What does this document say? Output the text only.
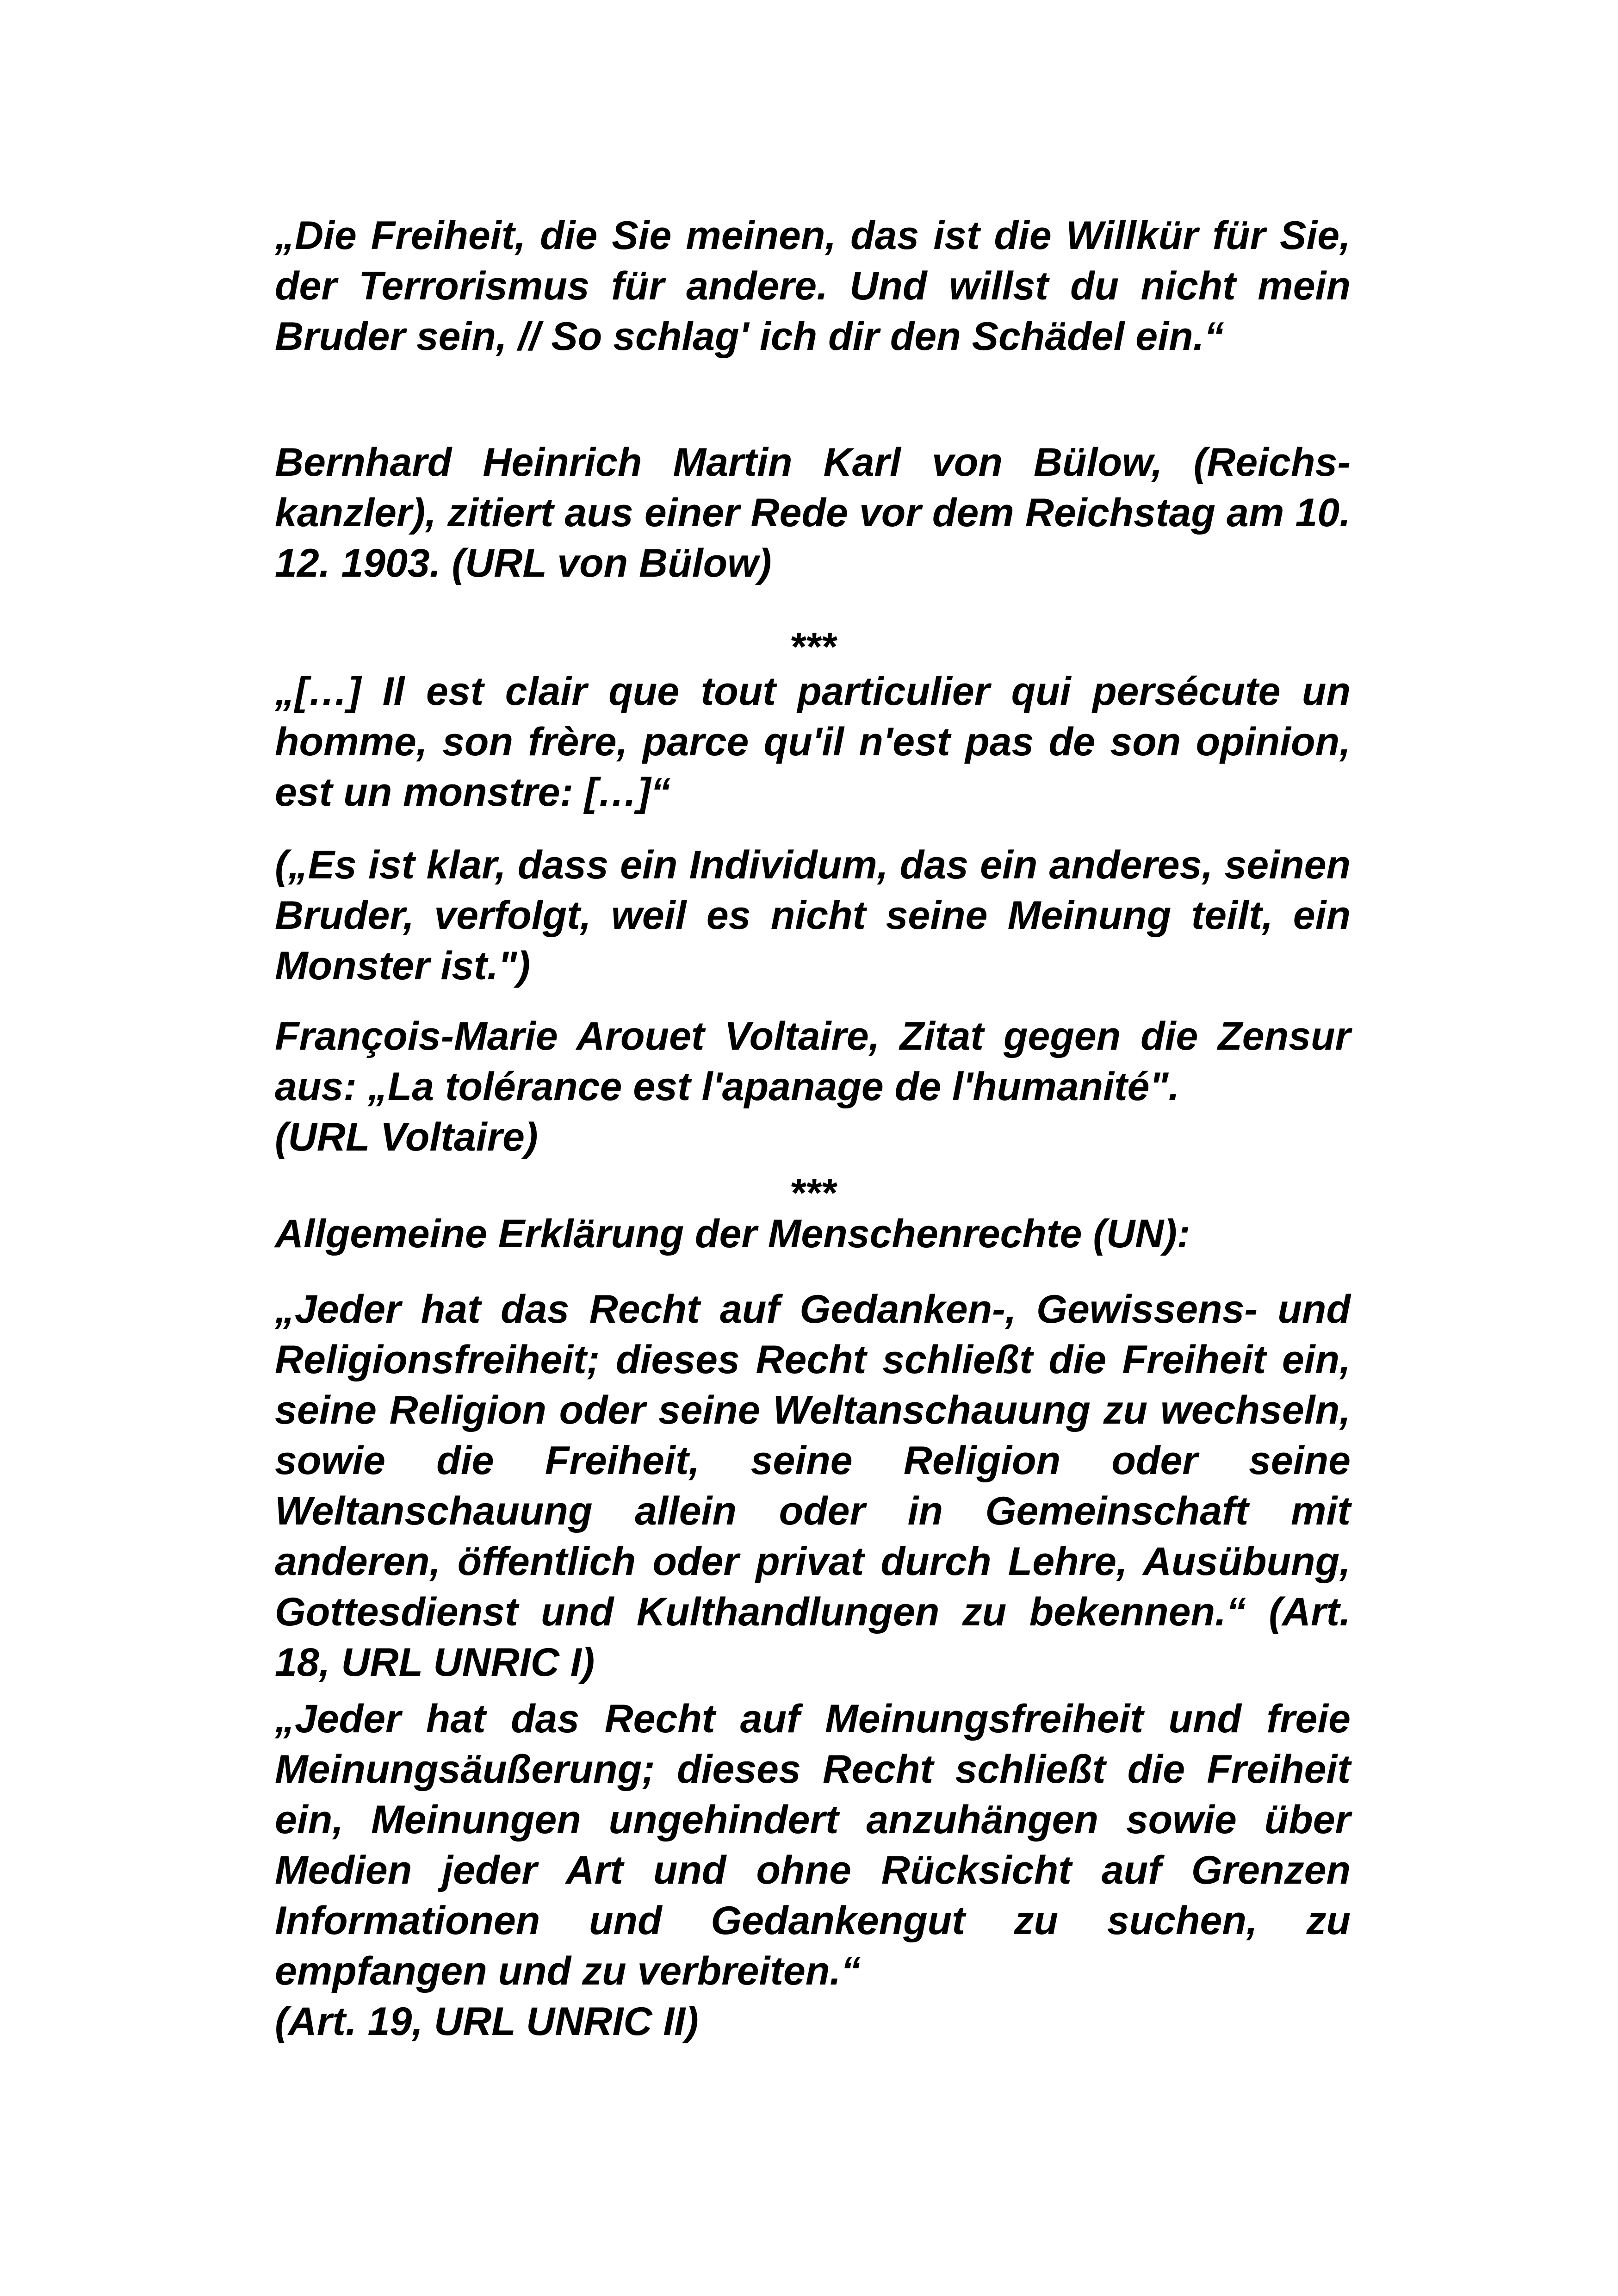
„Die Freiheit, die Sie meinen, das ist die Willkür für Sie, der Terrorismus für andere. Und willst du nicht mein Bruder sein, // So schlag' ich dir den Schädel ein.“

Bernhard Heinrich Martin Karl von Bülow, (Reichskanzler), zitiert aus einer Rede vor dem Reichstag am 10. 12. 1903. (URL von Bülow)

***

„[…] Il est clair que tout particulier qui persécute un homme, son frère, parce qu'il n'est pas de son opinion, est un monstre: […]“

(„Es ist klar, dass ein Individum, das ein anderes, seinen Bruder, verfolgt, weil es nicht seine Meinung teilt, ein Monster ist.")

François-Marie Arouet Voltaire, Zitat gegen die Zensur aus: „La tolérance est l'apanage de l'humanité".

(URL Voltaire)
***

Allgemeine Erklärung der Menschenrechte (UN):

„Jeder hat das Recht auf Gedanken-, Gewissens- und Religionsfreiheit; dieses Recht schließt die Freiheit ein, seine Religion oder seine Weltanschauung zu wechseln, sowie die Freiheit, seine Religion oder seine Weltanschauung allein oder in Gemeinschaft mit anderen, öffentlich oder privat durch Lehre, Ausübung, Gottesdienst und Kulthandlungen zu bekennen.“ (Art. 18, URL UNRIC I)

„Jeder hat das Recht auf Meinungsfreiheit und freie Meinungsäußerung; dieses Recht schließt die Freiheit ein, Meinungen ungehindert anzuhängen sowie über Medien jeder Art und ohne Rücksicht auf Grenzen Informationen und Gedankengut zu suchen, zu empfangen und zu verbreiten.“

(Art. 19, URL UNRIC II)
